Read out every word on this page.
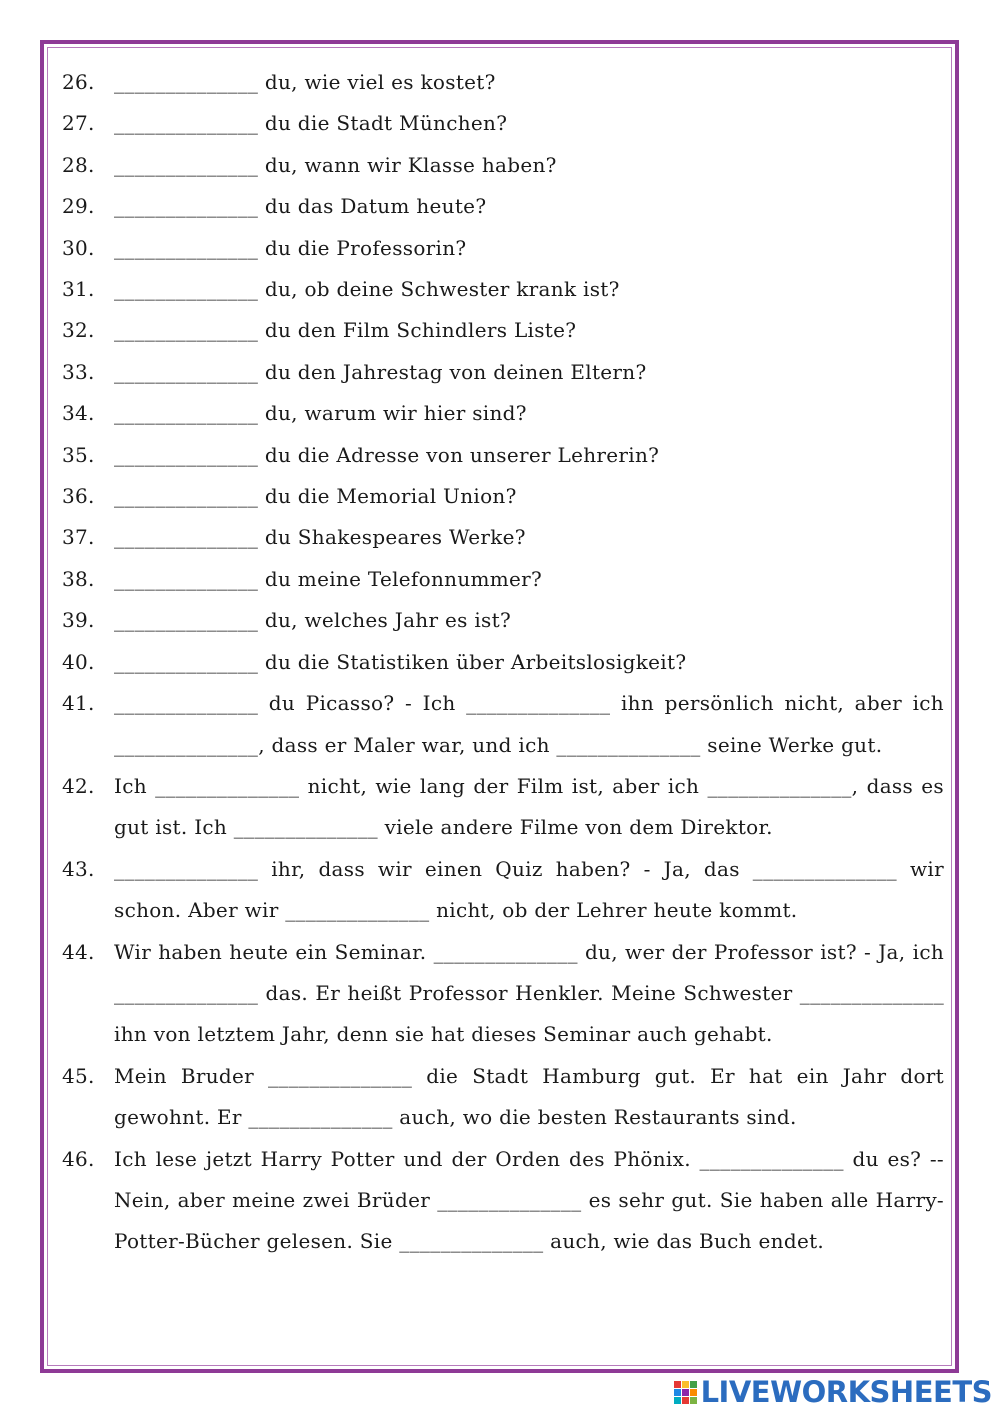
26. ______________ du, wie viel es kostet?
27. ______________ du die Stadt München?
28. ______________ du, wann wir Klasse haben?
29. ______________ du das Datum heute?
30. ______________ du die Professorin?
31. ______________ du, ob deine Schwester krank ist?
32. ______________ du den Film Schindlers Liste?
33. ______________ du den Jahrestag von deinen Eltern?
34. ______________ du, warum wir hier sind?
35. ______________ du die Adresse von unserer Lehrerin?
36. ______________ du die Memorial Union?
37. ______________ du Shakespeares Werke?
38. ______________ du meine Telefonnummer?
39. ______________ du, welches Jahr es ist?
40. ______________ du die Statistiken über Arbeitslosigkeit?
41. ______________ du Picasso? - Ich ______________ ihn persönlich nicht, aber ich ______________, dass er Maler war, und ich ______________ seine Werke gut.
42. Ich ______________ nicht, wie lang der Film ist, aber ich ______________, dass es gut ist. Ich ______________ viele andere Filme von dem Direktor.
43. ______________ ihr, dass wir einen Quiz haben? - Ja, das ______________ wir schon. Aber wir ______________ nicht, ob der Lehrer heute kommt.
44. Wir haben heute ein Seminar. ______________ du, wer der Professor ist? - Ja, ich ______________ das. Er heißt Professor Henkler. Meine Schwester ______________ ihn von letztem Jahr, denn sie hat dieses Seminar auch gehabt.
45. Mein Bruder ______________ die Stadt Hamburg gut. Er hat ein Jahr dort gewohnt. Er ______________ auch, wo die besten Restaurants sind.
46. Ich lese jetzt Harry Potter und der Orden des Phönix. ______________ du es? -- Nein, aber meine zwei Brüder ______________ es sehr gut. Sie haben alle Harry-Potter-Bücher gelesen. Sie ______________ auch, wie das Buch endet.
LIVEWORKSHEETS
